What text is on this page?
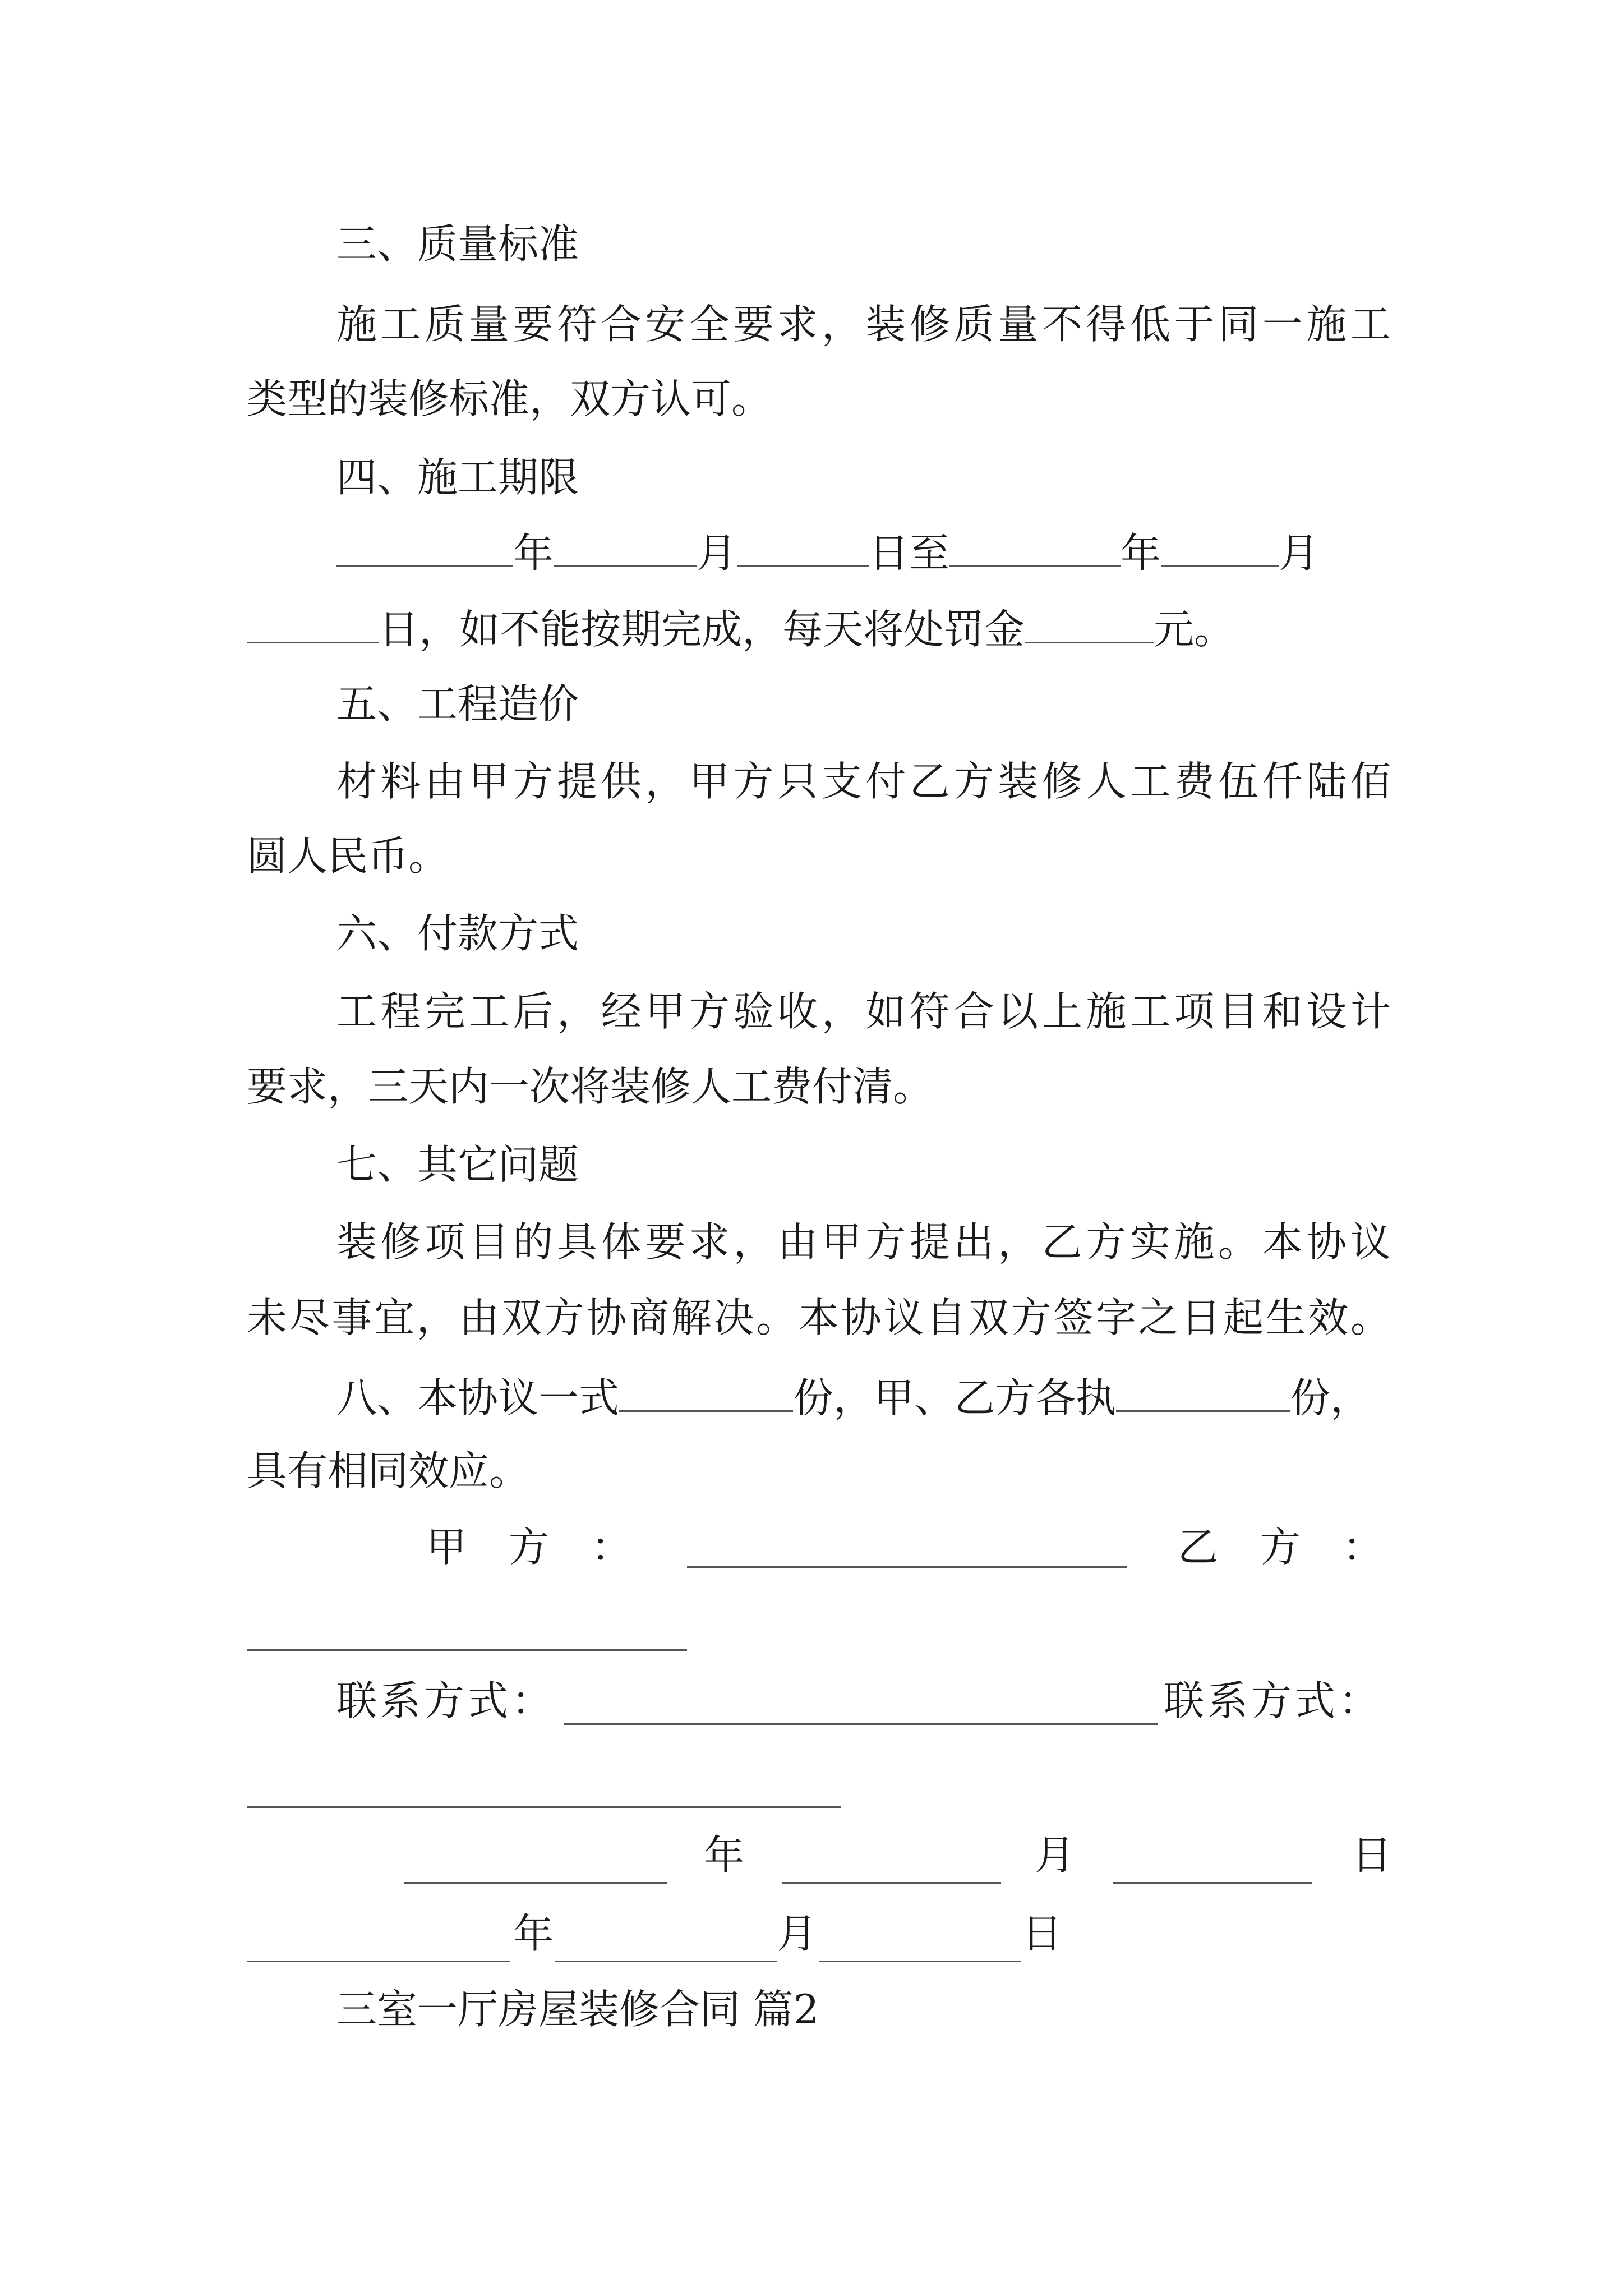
三、质量标准
施工质量要符合安全要求，装修质量不得低于同一施工
类型的装修标准，双方认可。
四、施工期限
年	月	日至	年	月
日，如不能按期完成，每天将处罚金	元。
五、工程造价
材料由甲方提供，甲方只支付乙方装修人工费伍仟陆佰
圆人民币。
六、付款方式
工程完工后，经甲方验收，如符合以上施工项目和设计
要求，三天内一次将装修人工费付清。
七、其它问题
装修项目的具体要求，由甲方提出，乙方实施。本协议
未尽事宜，由双方协商解决。本协议自双方签字之日起生效。
八、本协议一式	份，甲、乙方各执	份，
具有相同效应。
甲方：	乙方：
联系方式：	联系方式：
年	月	日
年	月	日
三室一厅房屋装修合同 篇2
